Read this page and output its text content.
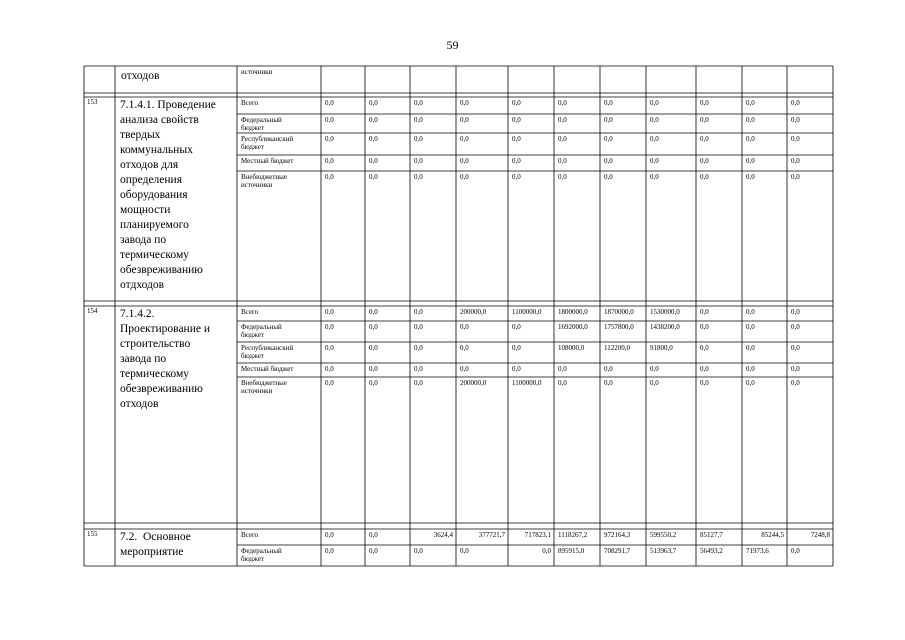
59
отходов	источники
153 7.1.4.1. Проведение
анализа свойств
твердых
коммунальных
отходов для
определения
оборудования
мощности
планируемого
завода по
термическому
обезвреживанию
отдходов
Всего	0,0	0,0	0,0	0,0	0,0	0,0	0,0	0,0	0,0	0,0	0,0
Федеральный
бюджет
0,0	0,0	0,0	0,0	0,0	0,0	0,0	0,0	0,0	0,0	0,0
Республиканский
бюджет
0,0	0,0	0,0	0,0	0,0	0,0	0,0	0,0	0,0	0,0	0,0
Местный бюджет	0,0	0,0	0,0	0,0	0,0	0,0	0,0	0,0	0,0	0,0	0,0
Внебюджетные
источники
0,0	0,0	0,0	0,0	0,0	0,0	0,0	0,0	0,0	0,0	0,0
154 7.1.4.2.
Проектирование и
строительство
завода по
термическому
обезвреживанию
отходов
Всего	0,0	0,0	0,0	200000,0	1100000,0 1800000,0 1870000,0 1530000,0	0,0	0,0	0,0
Федеральный
бюджет
0,0	0,0	0,0	0,0	0,0	1692000,0 1757800,0 1438200,0	0,0	0,0	0,0
Республиканский
бюджет
0,0	0,0	0,0	0,0	0,0	108000,0	112200,0	91800,0	0,0	0,0	0,0
Местный бюджет	0,0	0,0	0,0	0,0	0,0	0,0	0,0	0,0	0,0	0,0	0,0
Внебюджетные
источники
0,0	0,0	0,0	200000,0	1100000,0 0,0	0,0	0,0	0,0	0,0	0,0
155 7.2.  Основное
мероприятие
Всего	0,0	0,0	3624,4	377721,7	717823,1 1118267,2 972164,3	599550,2	85127,7	85244,5	7248,8
Федеральный
бюджет
0,0	0,0	0,0	0,0	0,0 895915,0	708291,7	513963,7	56493,2	71973,6	0,0
